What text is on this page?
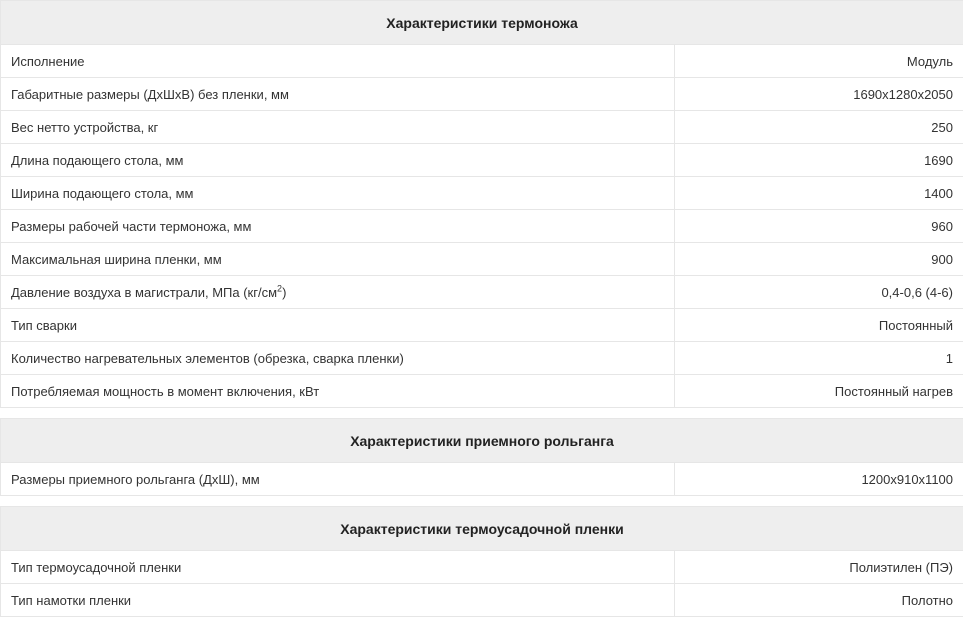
Характеристики термоножа	
Исполнение	Модуль
Габаритные размеры (ДхШхВ) без пленки, мм	1690х1280х2050
Вес нетто устройства, кг	250
Длина подающего стола, мм	1690
Ширина подающего стола, мм	1400
Размеры рабочей части термоножа, мм	960
Максимальная ширина пленки, мм	900
Давление воздуха в магистрали, МПа $(кг/см^2)$	0,4-0,6 (4-6)
Тип сварки	Постоянный
Количество нагревательных элементов (обрезка, сварка пленки)	1
Потребляемая мощность в момент включения, кВт	Постоянный нагрев
Характеристики приемного рольганга
Размеры приемного рольганга (ДхШ), мм	1200х910х1100
Характеристики термоусадочной пленки	
Тип термоусадочной пленки	Полиэтилен (ПЭ)
Тип намотки пленки	Полотно
